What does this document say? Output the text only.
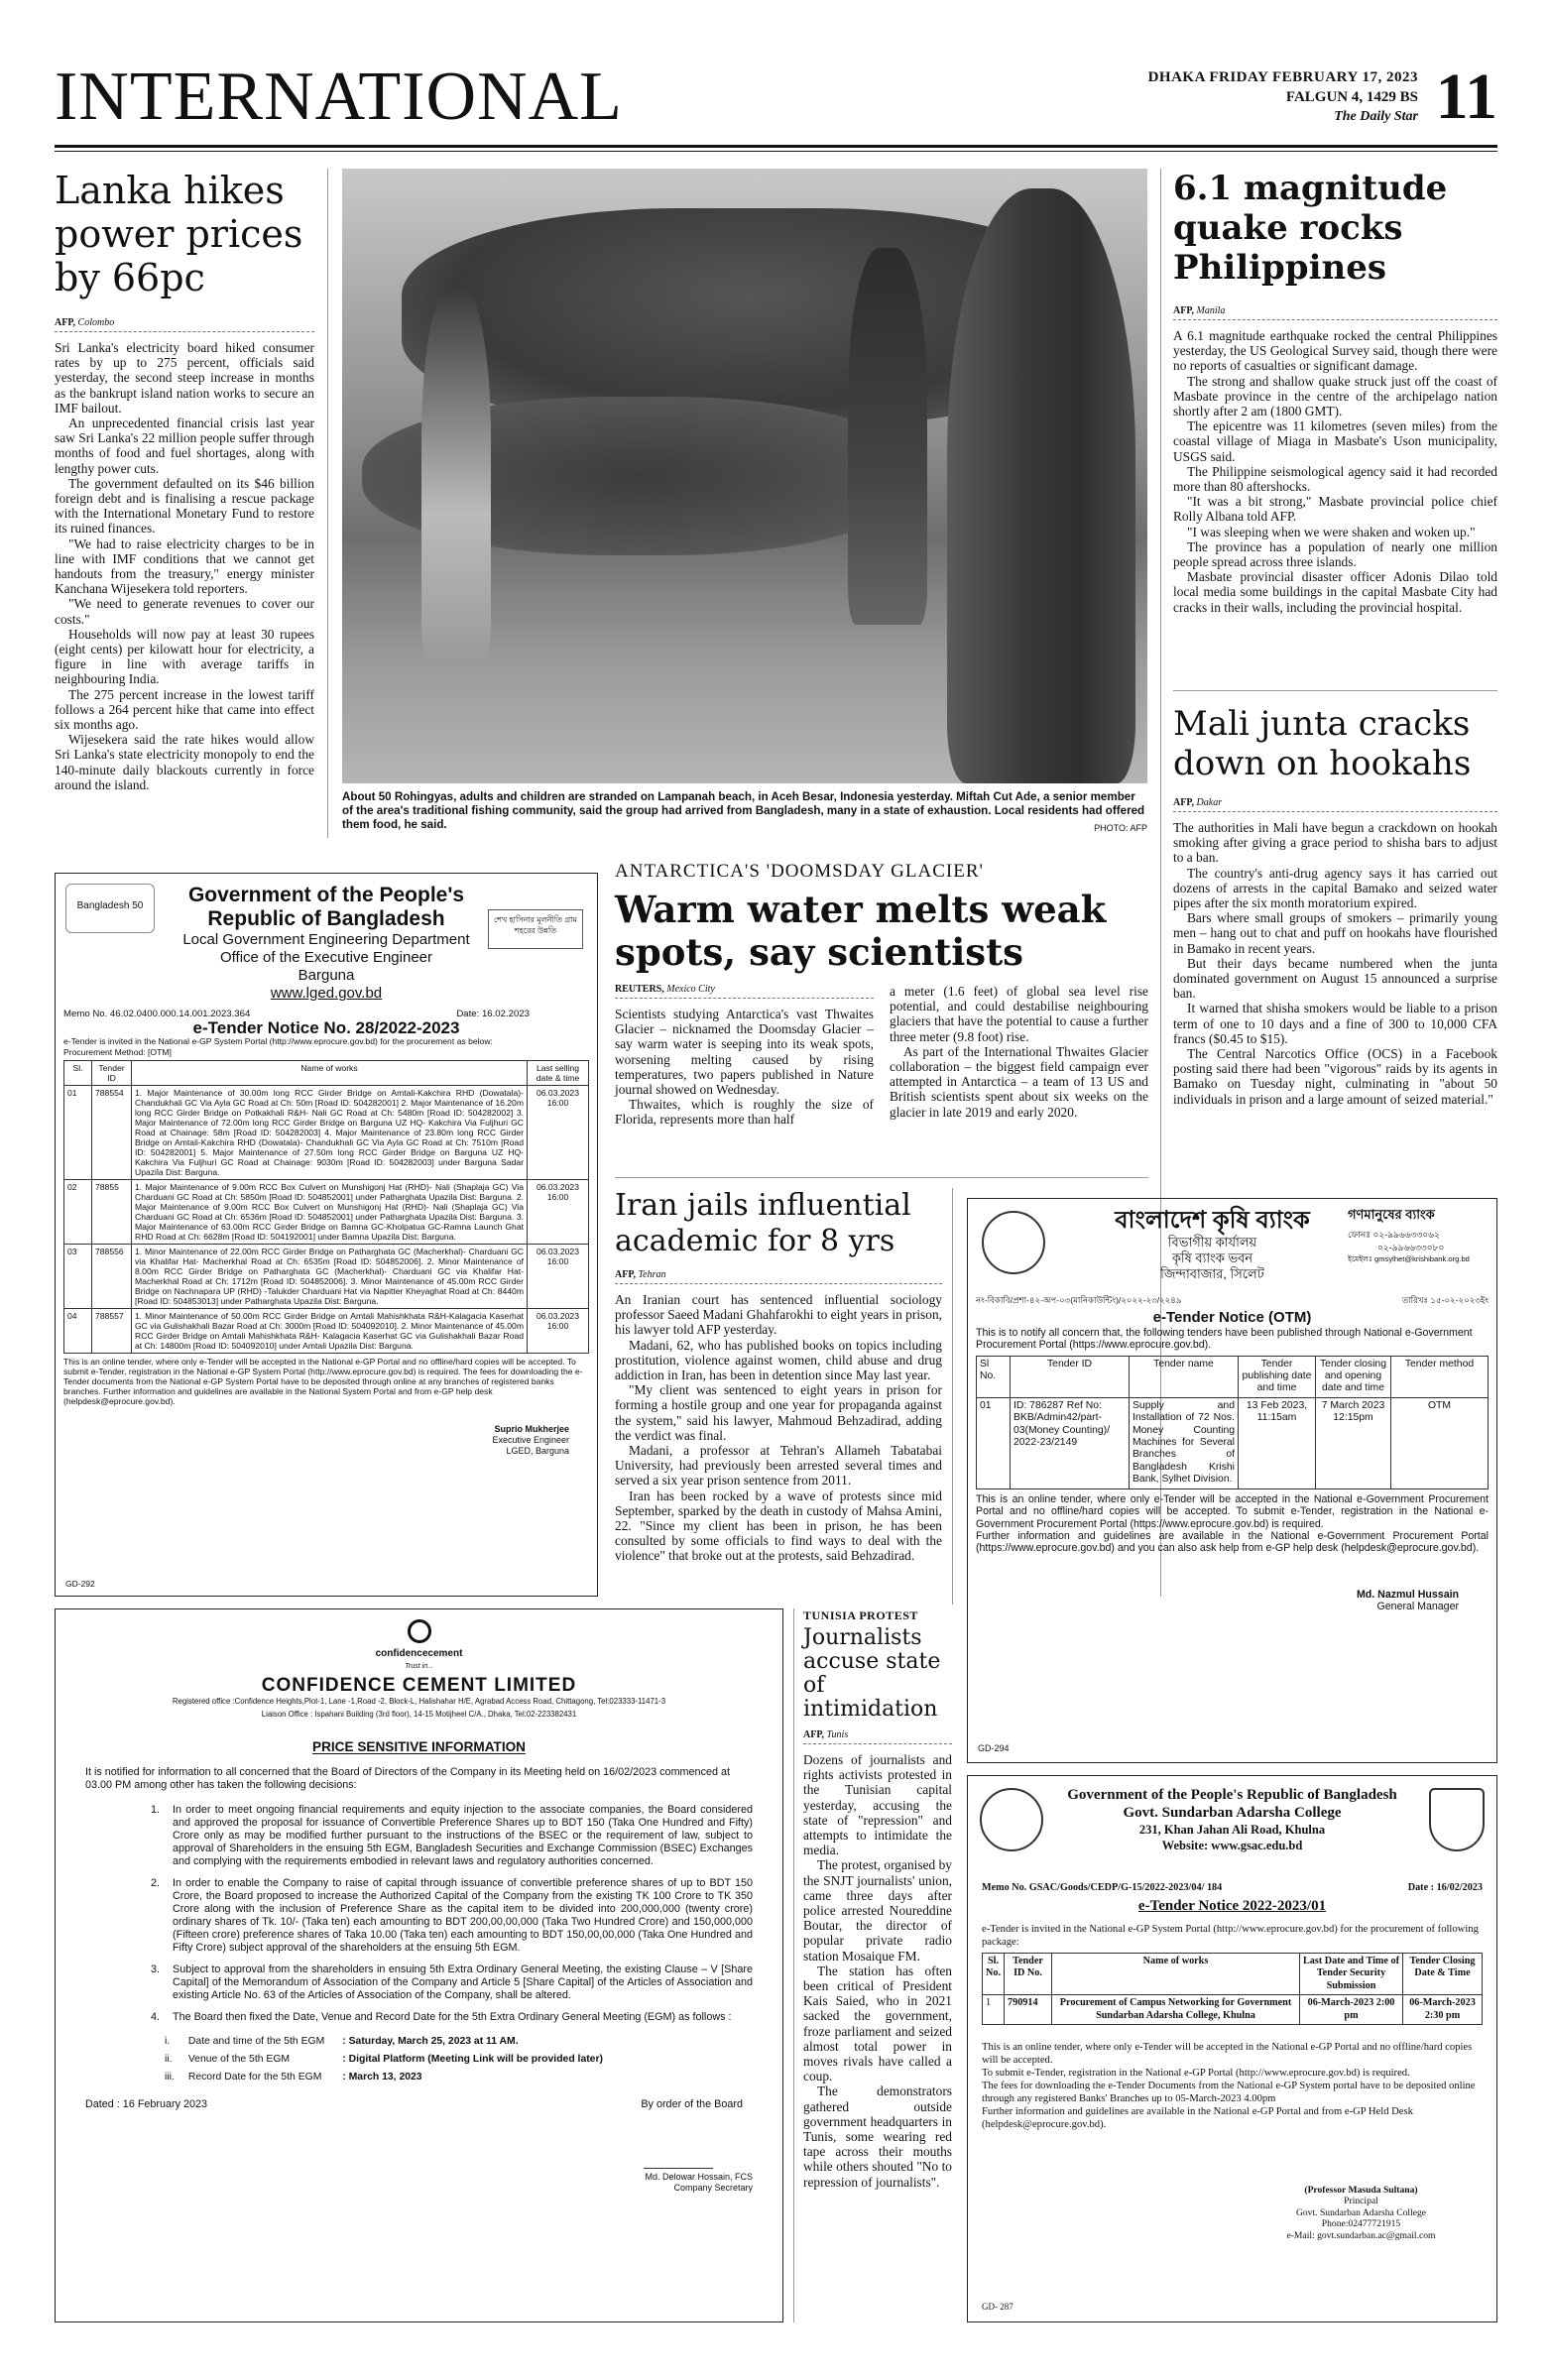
INTERNATIONAL	DHAKA FRIDAY FEBRUARY 17, 2023
FALGUN 4, 1429 BS
The Daily Star 11
Lanka hikes power prices by 66pc
AFP, Colombo

Sri Lanka's electricity board hiked consumer rates by up to 275 percent, officials said yesterday, the second steep increase in months as the bankrupt island nation works to secure an IMF bailout.

An unprecedented financial crisis last year saw Sri Lanka's 22 million people suffer through months of food and fuel shortages, along with lengthy power cuts.

The government defaulted on its $46 billion foreign debt and is finalising a rescue package with the International Monetary Fund to restore its ruined finances.

"We had to raise electricity charges to be in line with IMF conditions that we cannot get handouts from the treasury," energy minister Kanchana Wijesekera told reporters.

"We need to generate revenues to cover our costs."

Households will now pay at least 30 rupees (eight cents) per kilowatt hour for electricity, a figure in line with average tariffs in neighbouring India.

The 275 percent increase in the lowest tariff follows a 264 percent hike that came into effect six months ago.

Wijesekera said the rate hikes would allow Sri Lanka's state electricity monopoly to end the 140-minute daily blackouts currently in force around the island.

About 50 Rohingyas, adults and children are stranded on Lampanah beach, in Aceh Besar, Indonesia yesterday. Miftah Cut Ade, a senior member of the area's traditional fishing community, said the group had arrived from Bangladesh, many in a state of exhaustion. Local residents had offered them food, he said.	PHOTO: AFP
6.1 magnitude quake rocks Philippines
AFP, Manila

A 6.1 magnitude earthquake rocked the central Philippines yesterday, the US Geological Survey said, though there were no reports of casualties or significant damage.

The strong and shallow quake struck just off the coast of Masbate province in the centre of the archipelago nation shortly after 2 am (1800 GMT).

The epicentre was 11 kilometres (seven miles) from the coastal village of Miaga in Masbate's Uson municipality, USGS said.

The Philippine seismological agency said it had recorded more than 80 aftershocks.

"It was a bit strong," Masbate provincial police chief Rolly Albana told AFP.

"I was sleeping when we were shaken and woken up."

The province has a population of nearly one million people spread across three islands.

Masbate provincial disaster officer Adonis Dilao told local media some buildings in the capital Masbate City had cracks in their walls, including the provincial hospital.

Mali junta cracks down on hookahs
AFP, Dakar

The authorities in Mali have begun a crackdown on hookah smoking after giving a grace period to shisha bars to adjust to a ban.

The country's anti-drug agency says it has carried out dozens of arrests in the capital Bamako and seized water pipes after the six month moratorium expired.

Bars where small groups of smokers – primarily young men – hang out to chat and puff on hookahs have flourished in Bamako in recent years.

But their days became numbered when the junta dominated government on August 15 announced a surprise ban.

It warned that shisha smokers would be liable to a prison term of one to 10 days and a fine of 300 to 10,000 CFA francs ($0.45 to $15).

The Central Narcotics Office (OCS) in a Facebook posting said there had been "vigorous" raids by its agents in Bamako on Tuesday night, culminating in "about 50 individuals in prison and a large amount of seized material."

Bangladesh 50
শেখ হাসিনার মূলনীতি গ্রাম শহরের উন্নতি
Government of the People's
Republic of Bangladesh
Local Government Engineering Department
Office of the Executive Engineer
Barguna
www.lged.gov.bd
Memo No. 46.02.0400.000.14.001.2023.364	Date: 16.02.2023
e-Tender Notice No. 28/2022-2023
e-Tender is invited in the National e-GP System Portal (http://www.eprocure.gov.bd) for the procurement as below:
Procurement Method: [OTM]
Sl.	Tender ID	Name of works	Last selling date & time
01	788554	1. Major Maintenance of 30.00m long RCC Girder Bridge on Amtali-Kakchira RHD (Dowatala)-Chandukhali GC Via Ayla GC Road at Ch: 50m [Road ID: 504282001] 2. Major Maintenance of 16.20m long RCC Girder Bridge on Potkakhali R&H- Nali GC Road at Ch: 5480m [Road ID: 504282002] 3. Major Maintenance of 72.00m long RCC Girder Bridge on Barguna UZ HQ- Kakchira Via Fuljhuri GC Road at Chainage: 58m [Road ID: 504282003] 4. Major Maintenance of 23.80m long RCC Girder Bridge on Amtali-Kakchira RHD (Dowatala)- Chandukhali GC Via Ayla GC Road at Ch: 7510m [Road ID: 504282001] 5. Major Maintenance of 27.50m long RCC Girder Bridge on Barguna UZ HQ- Kakchira Via Fuljhuri GC Road at Chainage: 9030m [Road ID: 504282003] under Barguna Sadar Upazila Dist: Barguna.	06.03.2023 16:00
02	78855	1. Major Maintenance of 9.00m RCC Box Culvert on Munshigonj Hat (RHD)- Nali (Shaplaja GC) Via Charduani GC Road at Ch: 5850m [Road ID: 504852001] under Patharghata Upazila Dist: Barguna. 2. Major Maintenance of 9.00m RCC Box Culvert on Munshigonj Hat (RHD)- Nali (Shaplaja GC) Via Charduani GC Road at Ch: 6536m [Road ID: 504852001] under Patharghata Upazila Dist: Barguna. 3. Major Maintenance of 63.00m RCC Girder Bridge on Bamna GC-Kholpatua GC-Ramna Launch Ghat RHD Road at Ch: 6628m [Road ID: 504192001] under Bamna Upazila Dist: Barguna.	06.03.2023 16:00
03	788556	1. Minor Maintenance of 22.00m RCC Girder Bridge on Patharghata GC (Macherkhal)- Charduani GC via Khalifar Hat- Macherkhal Road at Ch: 6535m [Road ID: 504852006]. 2. Minor Maintenance of 8.00m RCC Girder Bridge on Patharghata GC (Macherkhal)- Charduani GC via Khalifar Hat- Macherkhal Road at Ch: 1712m [Road ID: 504852006]. 3. Minor Maintenance of 45.00m RCC Girder Bridge on Nachnapara UP (RHD) -Talukder Charduani Hat via Napitter Kheyaghat Road at Ch: 8440m [Road ID: 504853013] under Patharghata Upazila Dist: Barguna.	06.03.2023 16:00
04	788557	1. Minor Maintenance of 50.00m RCC Girder Bridge on Amtali Mahishkhata R&H-Kalagacia Kaserhat GC via Gulishakhali Bazar Road at Ch: 3000m [Road ID: 504092010]. 2. Minor Maintenance of 45.00m RCC Girder Bridge on Amtali Mahishkhata R&H- Kalagacia Kaserhat GC via Gulishakhali Bazar Road at Ch: 14800m [Road ID: 504092010] under Amtali Upazila Dist: Barguna.	06.03.2023 16:00
This is an online tender, where only e-Tender will be accepted in the National e-GP Portal and no offline/hard copies will be accepted. To submit e-Tender, registration in the National e-GP System Portal (http://www.eprocure.gov.bd) is required. The fees for downloading the e-Tender documents from the National e-GP System Portal have to be deposited through online at any branches of registered banks branches. Further information and guidelines are available in the National System Portal and from e-GP help desk (helpdesk@eprocure.gov.bd).
Suprio Mukherjee
Executive Engineer
LGED, Barguna
GD-292
ANTARCTICA'S 'DOOMSDAY GLACIER'
Warm water melts weak spots, say scientists
REUTERS, Mexico City

Scientists studying Antarctica's vast Thwaites Glacier – nicknamed the Doomsday Glacier – say warm water is seeping into its weak spots, worsening melting caused by rising temperatures, two papers published in Nature journal showed on Wednesday.

Thwaites, which is roughly the size of Florida, represents more than half

a meter (1.6 feet) of global sea level rise potential, and could destabilise neighbouring glaciers that have the potential to cause a further three meter (9.8 foot) rise.

As part of the International Thwaites Glacier collaboration – the biggest field campaign ever attempted in Antarctica – a team of 13 US and British scientists spent about six weeks on the glacier in late 2019 and early 2020.

Iran jails influential academic for 8 yrs
AFP, Tehran

An Iranian court has sentenced influential sociology professor Saeed Madani Ghahfarokhi to eight years in prison, his lawyer told AFP yesterday.

Madani, 62, who has published books on topics including prostitution, violence against women, child abuse and drug addiction in Iran, has been in detention since May last year.

"My client was sentenced to eight years in prison for forming a hostile group and one year for propaganda against the system," said his lawyer, Mahmoud Behzadirad, adding the verdict was final.

Madani, a professor at Tehran's Allameh Tabatabai University, had previously been arrested several times and served a six year prison sentence from 2011.

Iran has been rocked by a wave of protests since mid September, sparked by the death in custody of Mahsa Amini, 22. "Since my client has been in prison, he has been consulted by some officials to find ways to deal with the violence" that broke out at the protests, said Behzadirad.

বাংলাদেশ কৃষি ব্যাংক
বিভাগীয় কার্যালয়
কৃষি ব্যাংক ভবন
জিন্দাবাজার, সিলেট
গণমানুষের ব্যাংক
ফোনঃ ০২-৯৯৬৬৩৩০৬২
০২-৯৯৬৬৩৩০৮০
ইমেইলঃ gmsylhet@krishibank.org.bd
নং-বিকাবি/প্রশা-৪২-অপ-০৩(মানিকাউন্টিং)/২০২২-২৩/২২৪৯	তারিখঃ ১৫-০২-২০২৩ইং
e-Tender Notice (OTM)
This is to notify all concern that, the following tenders have been published through National e-Government Procurement Portal (https://www.eprocure.gov.bd).
Sl No.	Tender ID	Tender name	Tender publishing date and time	Tender closing and opening date and time	Tender method
01	ID: 786287 Ref No: BKB/Admin42/part-03(Money Counting)/ 2022-23/2149	Supply and Installation of 72 Nos. Money Counting Machines for Several Branches of Bangladesh Krishi Bank, Sylhet Division.	13 Feb 2023, 11:15am	7 March 2023 12:15pm	OTM
This is an online tender, where only e-Tender will be accepted in the National e-Government Procurement Portal and no offline/hard copies will be accepted. To submit e-Tender, registration in the National e-Government Procurement Portal (https://www.eprocure.gov.bd) is required.
Further information and guidelines are available in the National e-Government Procurement Portal (https://www.eprocure.gov.bd) and you can also ask help from e-GP help desk (helpdesk@eprocure.gov.bd).
Md. Nazmul Hussain
General Manager
GD-294
confidencecement
Trust in...
CONFIDENCE CEMENT LIMITED
Registered office :Confidence Heights,Plot-1, Lane -1,Road -2, Block-L, Halishahar H/E, Agrabad Access Road, Chittagong, Tel:023333-11471-3
Liaison Office : Ispahani Building (3rd floor), 14-15 Motijheel C/A., Dhaka, Tel:02-223382431
PRICE SENSITIVE INFORMATION
It is notified for information to all concerned that the Board of Directors of the Company in its Meeting held on 16/02/2023 commenced at 03.00 PM among other has taken the following decisions:
1. In order to meet ongoing financial requirements and equity injection to the associate companies, the Board considered and approved the proposal for issuance of Convertible Preference Shares up to BDT 150 (Taka One Hundred and Fifty) Crore only as may be modified further pursuant to the instructions of the BSEC or the requirement of law, subject to approval of Shareholders in the ensuing 5th EGM, Bangladesh Securities and Exchange Commission (BSEC) Exchanges and complying with the requirements embodied in relevant laws and regulatory authorities concerned.
2. In order to enable the Company to raise of capital through issuance of convertible preference shares of up to BDT 150 Crore, the Board proposed to increase the Authorized Capital of the Company from the existing TK 100 Crore to TK 350 Crore along with the inclusion of Preference Share as the capital item to be divided into 200,000,000 (twenty crore) ordinary shares of Tk. 10/- (Taka ten) each amounting to BDT 200,00,00,000 (Taka Two Hundred Crore) and 150,000,000 (Fifteen crore) preference shares of Taka 10.00 (Taka ten) each amounting to BDT 150,00,00,000 (Taka One Hundred and Fifty Crore) subject approval of the shareholders at the ensuing 5th EGM.
3. Subject to approval from the shareholders in ensuing 5th Extra Ordinary General Meeting, the existing Clause – V [Share Capital] of the Memorandum of Association of the Company and Article 5 [Share Capital] of the Articles of Association and existing Article No. 63 of the Articles of Association of the Company, shall be altered.
4. The Board then fixed the Date, Venue and Record Date for the 5th Extra Ordinary General Meeting (EGM) as follows :
i.	Date and time of the 5th EGM	: Saturday, March 25, 2023 at 11 AM.
ii.	Venue of the 5th EGM	: Digital Platform (Meeting Link will be provided later)
iii.	Record Date for the 5th EGM	: March 13, 2023
Dated : 16 February 2023	By order of the Board
Md. Delowar Hossain, FCS
Company Secretary
TUNISIA PROTEST
Journalists accuse state of intimidation
AFP, Tunis

Dozens of journalists and rights activists protested in the Tunisian capital yesterday, accusing the state of "repression" and attempts to intimidate the media.

The protest, organised by the SNJT journalists' union, came three days after police arrested Noureddine Boutar, the director of popular private radio station Mosaique FM.

The station has often been critical of President Kais Saied, who in 2021 sacked the government, froze parliament and seized almost total power in moves rivals have called a coup.

The demonstrators gathered outside government headquarters in Tunis, some wearing red tape across their mouths while others shouted "No to repression of journalists".

Government of the People's Republic of Bangladesh
Govt. Sundarban Adarsha College
231, Khan Jahan Ali Road, Khulna
Website: www.gsac.edu.bd
Memo No. GSAC/Goods/CEDP/G-15/2022-2023/04/ 184	Date : 16/02/2023
e-Tender Notice 2022-2023/01
e-Tender is invited in the National e-GP System Portal (http://www.eprocure.gov.bd) for the procurement of following package:
Sl. No.	Tender ID No.	Name of works	Last Date and Time of Tender Security Submission	Tender Closing Date & Time
1	790914	Procurement of Campus Networking for Government Sundarban Adarsha College, Khulna	06-March-2023 2:00 pm	06-March-2023 2:30 pm
This is an online tender, where only e-Tender will be accepted in the National e-GP Portal and no offline/hard copies will be accepted.
To submit e-Tender, registration in the National e-GP Portal (http://www.eprocure.gov.bd) is required.
The fees for downloading the e-Tender Documents from the National e-GP System portal have to be deposited online through any registered Banks' Branches up to 05-March-2023 4.00pm
Further information and guidelines are available in the National e-GP Portal and from e-GP Held Desk (helpdesk@eprocure.gov.bd).
(Professor Masuda Sultana)
Principal
Govt. Sundarban Adarsha College
Phone:02477721915
e-Mail: govt.sundarban.ac@gmail.com
GD- 287
